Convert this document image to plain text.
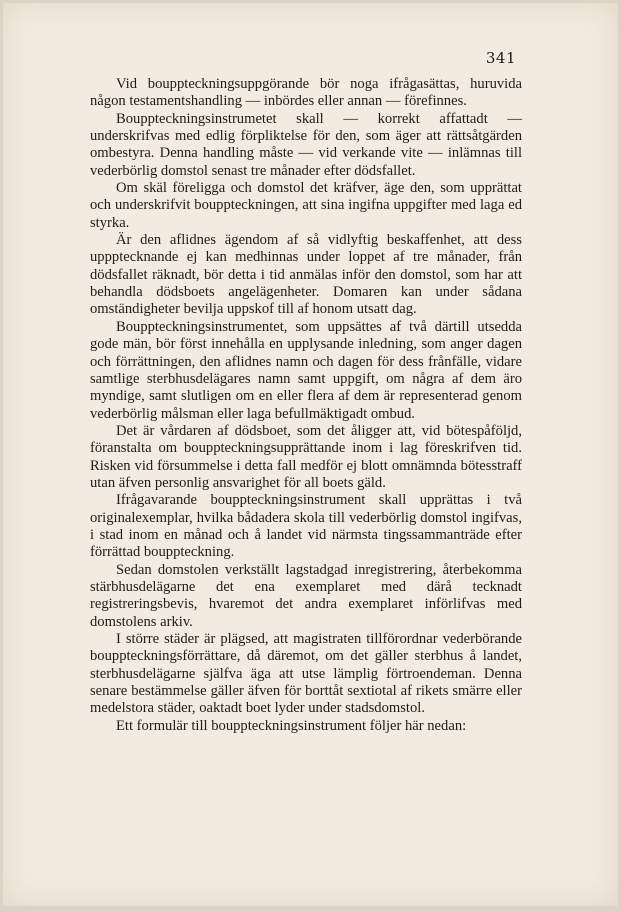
341

Vid bouppteckningsuppgörande bör noga ifrågasättas, huruvida någon testamentshandling — inbördes eller annan — förefinnes.

Bouppteckningsinstrumetet skall — korrekt affattadt — underskrifvas med edlig förpliktelse för den, som äger att rättsåtgärden ombestyra. Denna handling måste — vid verkande vite — inlämnas till vederbörlig domstol senast tre månader efter dödsfallet.

Om skäl föreligga och domstol det kräfver, äge den, som upprättat och underskrifvit bouppteckningen, att sina ingifna uppgifter med laga ed styrka.

Är den aflidnes ägendom af så vidlyftig beskaffenhet, att dess uppptecknande ej kan medhinnas under loppet af tre månader, från dödsfallet räknadt, bör detta i tid anmälas inför den domstol, som har att behandla dödsboets angelägenheter. Domaren kan under sådana omständigheter bevilja uppskof till af honom utsatt dag.

Bouppteckningsinstrumentet, som uppsättes af två därtill utsedda gode män, bör först innehålla en upplysande inledning, som anger dagen och förrättningen, den aflidnes namn och dagen för dess frånfälle, vidare samtlige sterbhusdelägares namn samt uppgift, om några af dem äro myndige, samt slutligen om en eller flera af dem är representerad genom vederbörlig målsman eller laga befullmäktigadt ombud.

Det är vårdaren af dödsboet, som det åligger att, vid bötespåföljd, föranstalta om bouppteckningsupprättande inom i lag föreskrifven tid. Risken vid försummelse i detta fall medför ej blott omnämnda bötesstraff utan äfven personlig ansvarighet för all boets gäld.

Ifrågavarande bouppteckningsinstrument skall upprättas i två originalexemplar, hvilka bådadera skola till vederbörlig domstol ingifvas, i stad inom en månad och å landet vid närmsta tingssammanträde efter förrättad bouppteckning.

Sedan domstolen verkställt lagstadgad inregistrering, återbekomma stärbhusdelägarne det ena exemplaret med därå tecknadt registreringsbevis, hvaremot det andra exemplaret införlifvas med domstolens arkiv.

I större städer är plägsed, att magistraten tillförordnar vederbörande bouppteckningsförrättare, då däremot, om det gäller sterbhus å landet, sterbhusdelägarne själfva äga att utse lämplig förtroendeman. Denna senare bestämmelse gäller äfven för borttåt sextiotal af rikets smärre eller medelstora städer, oaktadt boet lyder under stadsdomstol.

Ett formulär till bouppteckningsinstrument följer här nedan:
